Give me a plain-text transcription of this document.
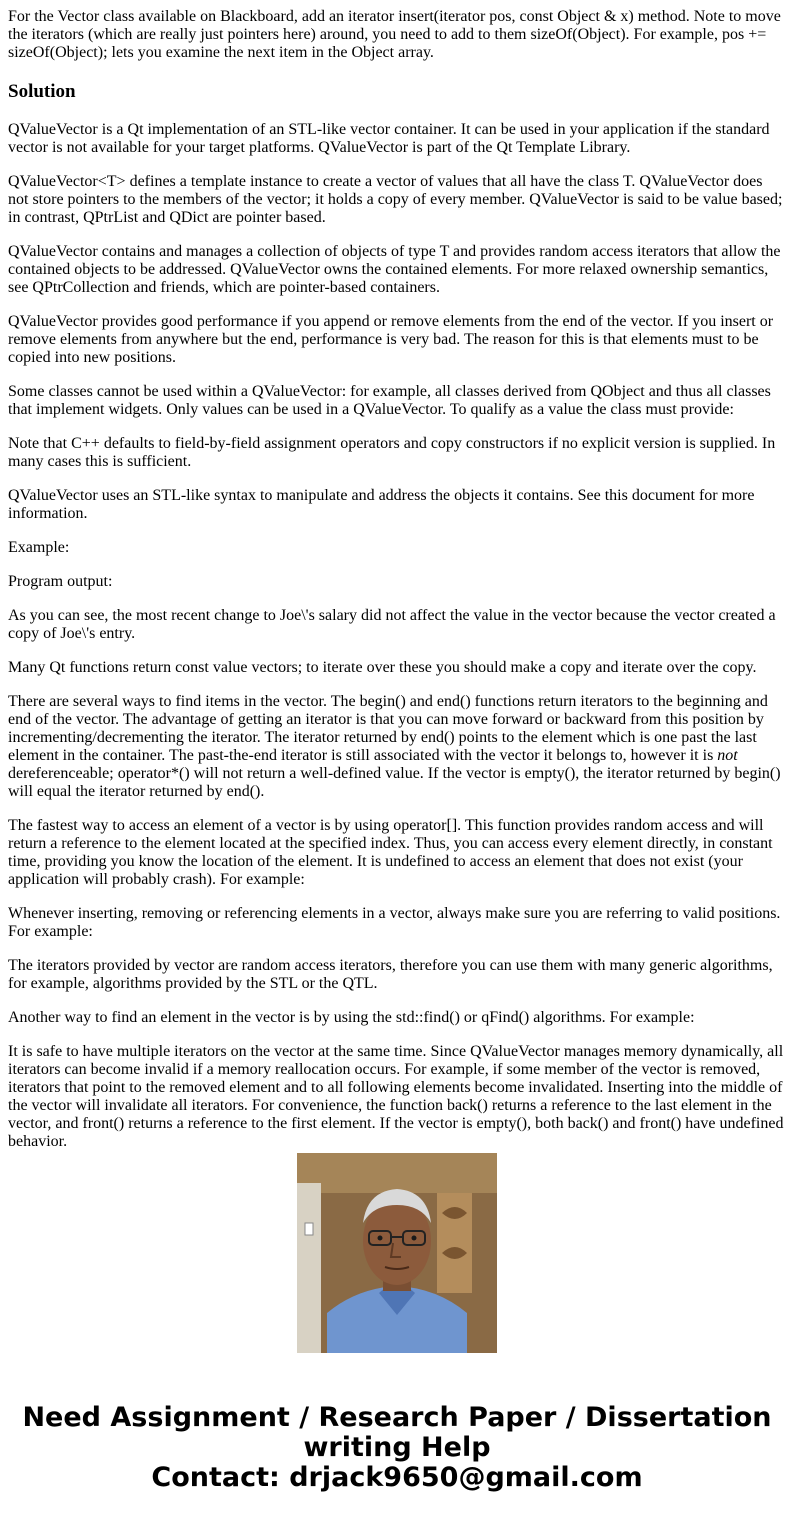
For the Vector class available on Blackboard, add an iterator insert(iterator pos, const Object & x) method. Note to move the iterators (which are really just pointers here) around, you need to add to them sizeOf(Object). For example, pos += sizeOf(Object); lets you examine the next item in the Object array.

Solution

QValueVector is a Qt implementation of an STL-like vector container. It can be used in your application if the standard vector is not available for your target platforms. QValueVector is part of the Qt Template Library.

QValueVector<T> defines a template instance to create a vector of values that all have the class T. QValueVector does not store pointers to the members of the vector; it holds a copy of every member. QValueVector is said to be value based; in contrast, QPtrList and QDict are pointer based.

QValueVector contains and manages a collection of objects of type T and provides random access iterators that allow the contained objects to be addressed. QValueVector owns the contained elements. For more relaxed ownership semantics, see QPtrCollection and friends, which are pointer-based containers.

QValueVector provides good performance if you append or remove elements from the end of the vector. If you insert or remove elements from anywhere but the end, performance is very bad. The reason for this is that elements must to be copied into new positions.

Some classes cannot be used within a QValueVector: for example, all classes derived from QObject and thus all classes that implement widgets. Only values can be used in a QValueVector. To qualify as a value the class must provide:

Note that C++ defaults to field-by-field assignment operators and copy constructors if no explicit version is supplied. In many cases this is sufficient.

QValueVector uses an STL-like syntax to manipulate and address the objects it contains. See this document for more information.

Example:

Program output:

As you can see, the most recent change to Joe\'s salary did not affect the value in the vector because the vector created a copy of Joe\'s entry.

Many Qt functions return const value vectors; to iterate over these you should make a copy and iterate over the copy.

There are several ways to find items in the vector. The begin() and end() functions return iterators to the beginning and end of the vector. The advantage of getting an iterator is that you can move forward or backward from this position by incrementing/decrementing the iterator. The iterator returned by end() points to the element which is one past the last element in the container. The past-the-end iterator is still associated with the vector it belongs to, however it is not dereferenceable; operator*() will not return a well-defined value. If the vector is empty(), the iterator returned by begin() will equal the iterator returned by end().

The fastest way to access an element of a vector is by using operator[]. This function provides random access and will return a reference to the element located at the specified index. Thus, you can access every element directly, in constant time, providing you know the location of the element. It is undefined to access an element that does not exist (your application will probably crash). For example:

Whenever inserting, removing or referencing elements in a vector, always make sure you are referring to valid positions. For example:

The iterators provided by vector are random access iterators, therefore you can use them with many generic algorithms, for example, algorithms provided by the STL or the QTL.

Another way to find an element in the vector is by using the std::find() or qFind() algorithms. For example:

It is safe to have multiple iterators on the vector at the same time. Since QValueVector manages memory dynamically, all iterators can become invalid if a memory reallocation occurs. For example, if some member of the vector is removed, iterators that point to the removed element and to all following elements become invalidated. Inserting into the middle of the vector will invalidate all iterators. For convenience, the function back() returns a reference to the last element in the vector, and front() returns a reference to the first element. If the vector is empty(), both back() and front() have undefined behavior.

Need Assignment / Research Paper / Dissertation
writing Help
Contact: drjack9650@gmail.com
